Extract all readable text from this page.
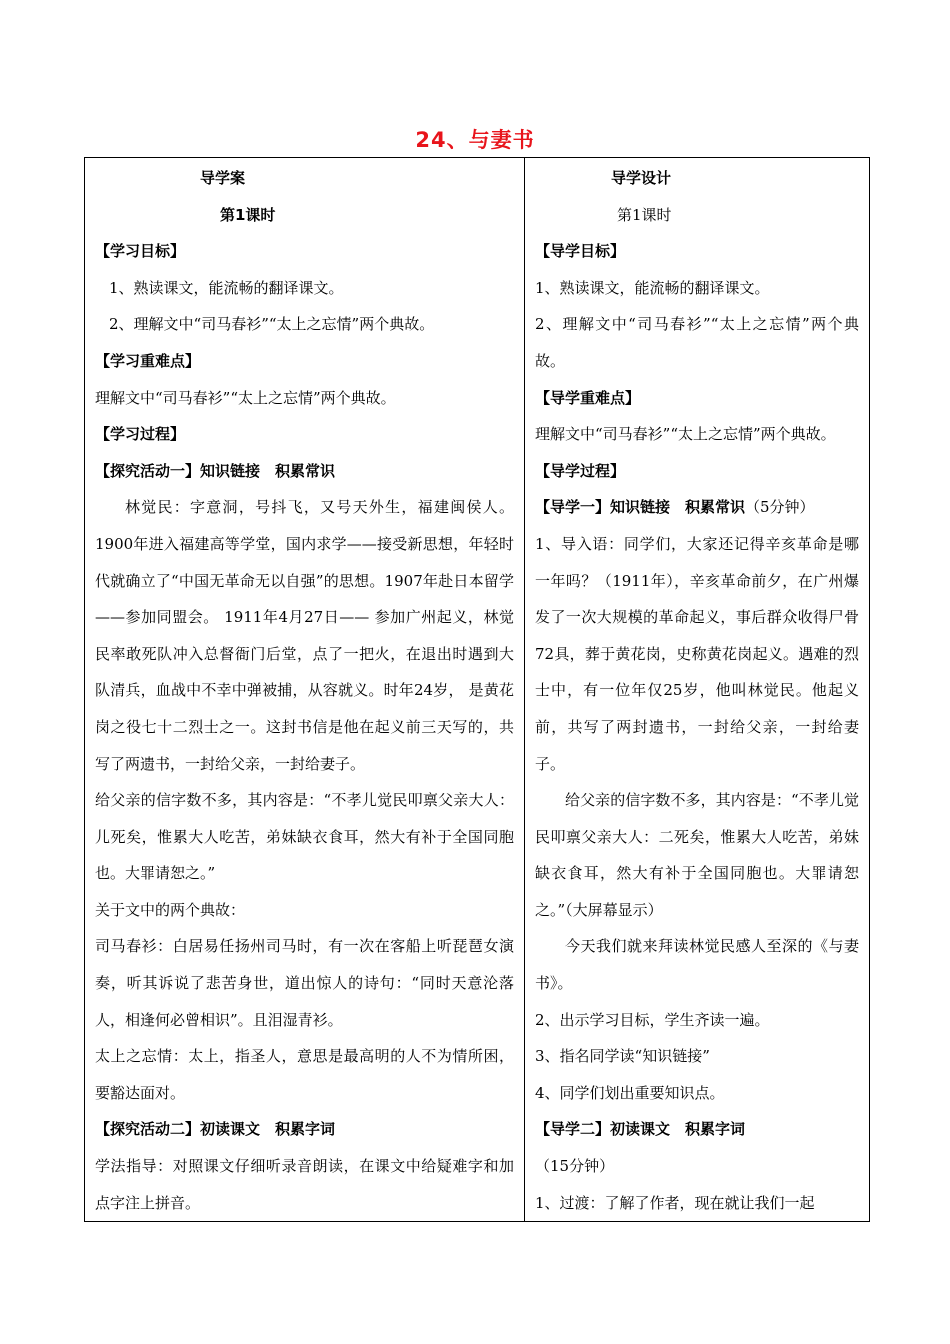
24、与妻书

导学案

第1课时

【学习目标】

1、熟读课文，能流畅的翻译课文。

2、理解文中“司马春衫”“太上之忘情”两个典故。

【学习重难点】

理解文中“司马春衫”“太上之忘情”两个典故。

【学习过程】

【探究活动一】知识链接　积累常识

林觉民：字意洞，号抖飞，又号天外生，福建闽侯人。1900年进入福建高等学堂，国内求学——接受新思想，年轻时代就确立了“中国无革命无以自强”的思想。1907年赴日本留学——参加同盟会。 1911年4月27日—— 参加广州起义，林觉民率敢死队冲入总督衙门后堂，点了一把火，在退出时遇到大队清兵，血战中不幸中弹被捕，从容就义。时年24岁， 是黄花岗之役七十二烈士之一。这封书信是他在起义前三天写的，共写了两遗书，一封给父亲，一封给妻子。

给父亲的信字数不多，其内容是：“不孝儿觉民叩禀父亲大人：儿死矣，惟累大人吃苦，弟妹缺衣食耳，然大有补于全国同胞也。大罪请恕之。”

关于文中的两个典故：

司马春衫：白居易任扬州司马时，有一次在客船上听琵琶女演奏，听其诉说了悲苦身世，道出惊人的诗句：“同时天意沦落人，相逢何必曾相识”。且泪湿青衫。

太上之忘情：太上，指圣人，意思是最高明的人不为情所困，要豁达面对。

【探究活动二】初读课文　积累字词

学法指导：对照课文仔细听录音朗读，在课文中给疑难字和加点字注上拼音。

导学设计

第1课时

【导学目标】

1、熟读课文，能流畅的翻译课文。

2、理解文中“司马春衫”“太上之忘情”两个典故。

【导学重难点】

理解文中“司马春衫”“太上之忘情”两个典故。

【导学过程】

【导学一】知识链接　积累常识（5分钟）

1、导入语：同学们，大家还记得辛亥革命是哪一年吗？（1911年），辛亥革命前夕，在广州爆发了一次大规模的革命起义，事后群众收得尸骨72具，葬于黄花岗，史称黄花岗起义。遇难的烈士中，有一位年仅25岁，他叫林觉民。他起义前，共写了两封遗书，一封给父亲，一封给妻子。

给父亲的信字数不多，其内容是：“不孝儿觉民叩禀父亲大人：二死矣，惟累大人吃苦，弟妹缺衣食耳，然大有补于全国同胞也。大罪请恕之。”（大屏幕显示）

今天我们就来拜读林觉民感人至深的《与妻书》。

2、出示学习目标，学生齐读一遍。

3、指名同学读“知识链接”

4、同学们划出重要知识点。

【导学二】初读课文　积累字词

（15分钟）

1、过渡：了解了作者，现在就让我们一起
